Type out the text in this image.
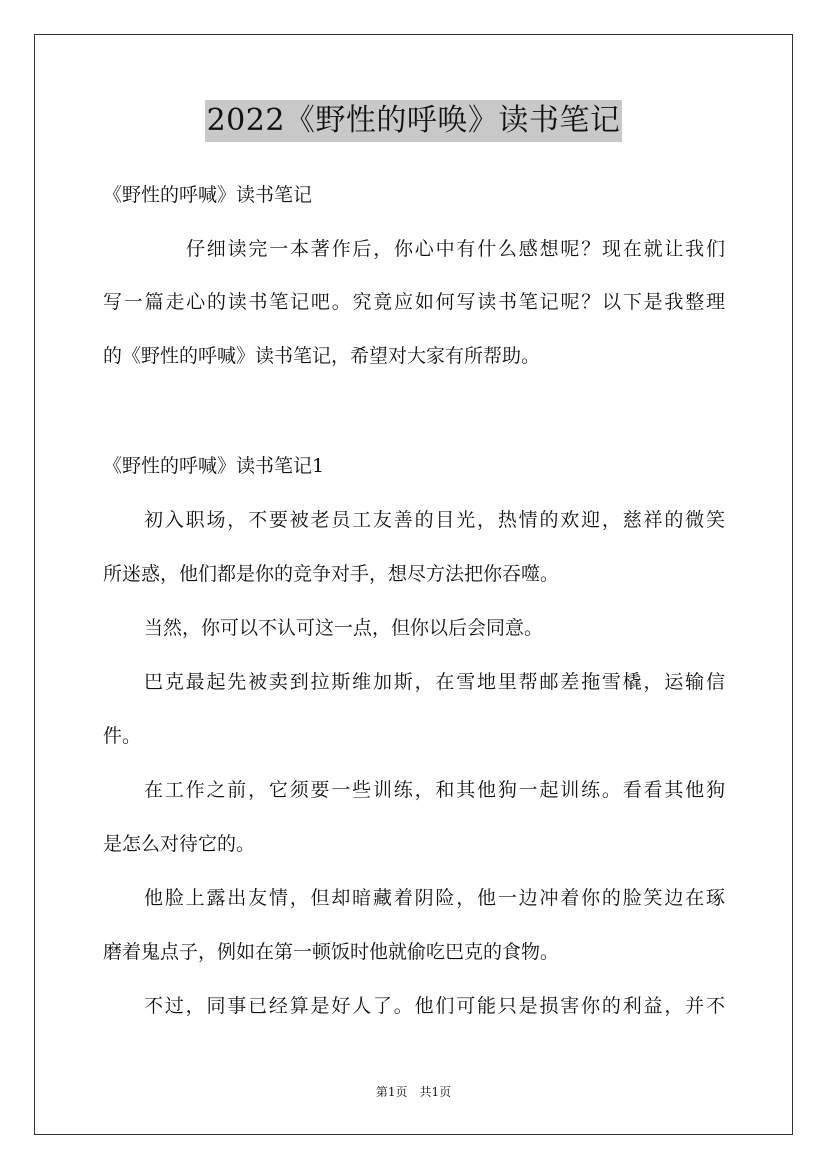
2022《野性的呼唤》读书笔记
《野性的呼喊》读书笔记
仔细读完一本著作后，你心中有什么感想呢？现在就让我们
写一篇走心的读书笔记吧。究竟应如何写读书笔记呢？以下是我整理
的《野性的呼喊》读书笔记，希望对大家有所帮助。
《野性的呼喊》读书笔记1
初入职场，不要被老员工友善的目光，热情的欢迎，慈祥的微笑
所迷惑，他们都是你的竞争对手，想尽方法把你吞噬。
当然，你可以不认可这一点，但你以后会同意。
巴克最起先被卖到拉斯维加斯，在雪地里帮邮差拖雪橇，运输信
件。
在工作之前，它须要一些训练，和其他狗一起训练。看看其他狗
是怎么对待它的。
他脸上露出友情，但却暗藏着阴险，他一边冲着你的脸笑边在琢
磨着鬼点子，例如在第一顿饭时他就偷吃巴克的食物。
不过，同事已经算是好人了。他们可能只是损害你的利益，并不
第1页　共1页
